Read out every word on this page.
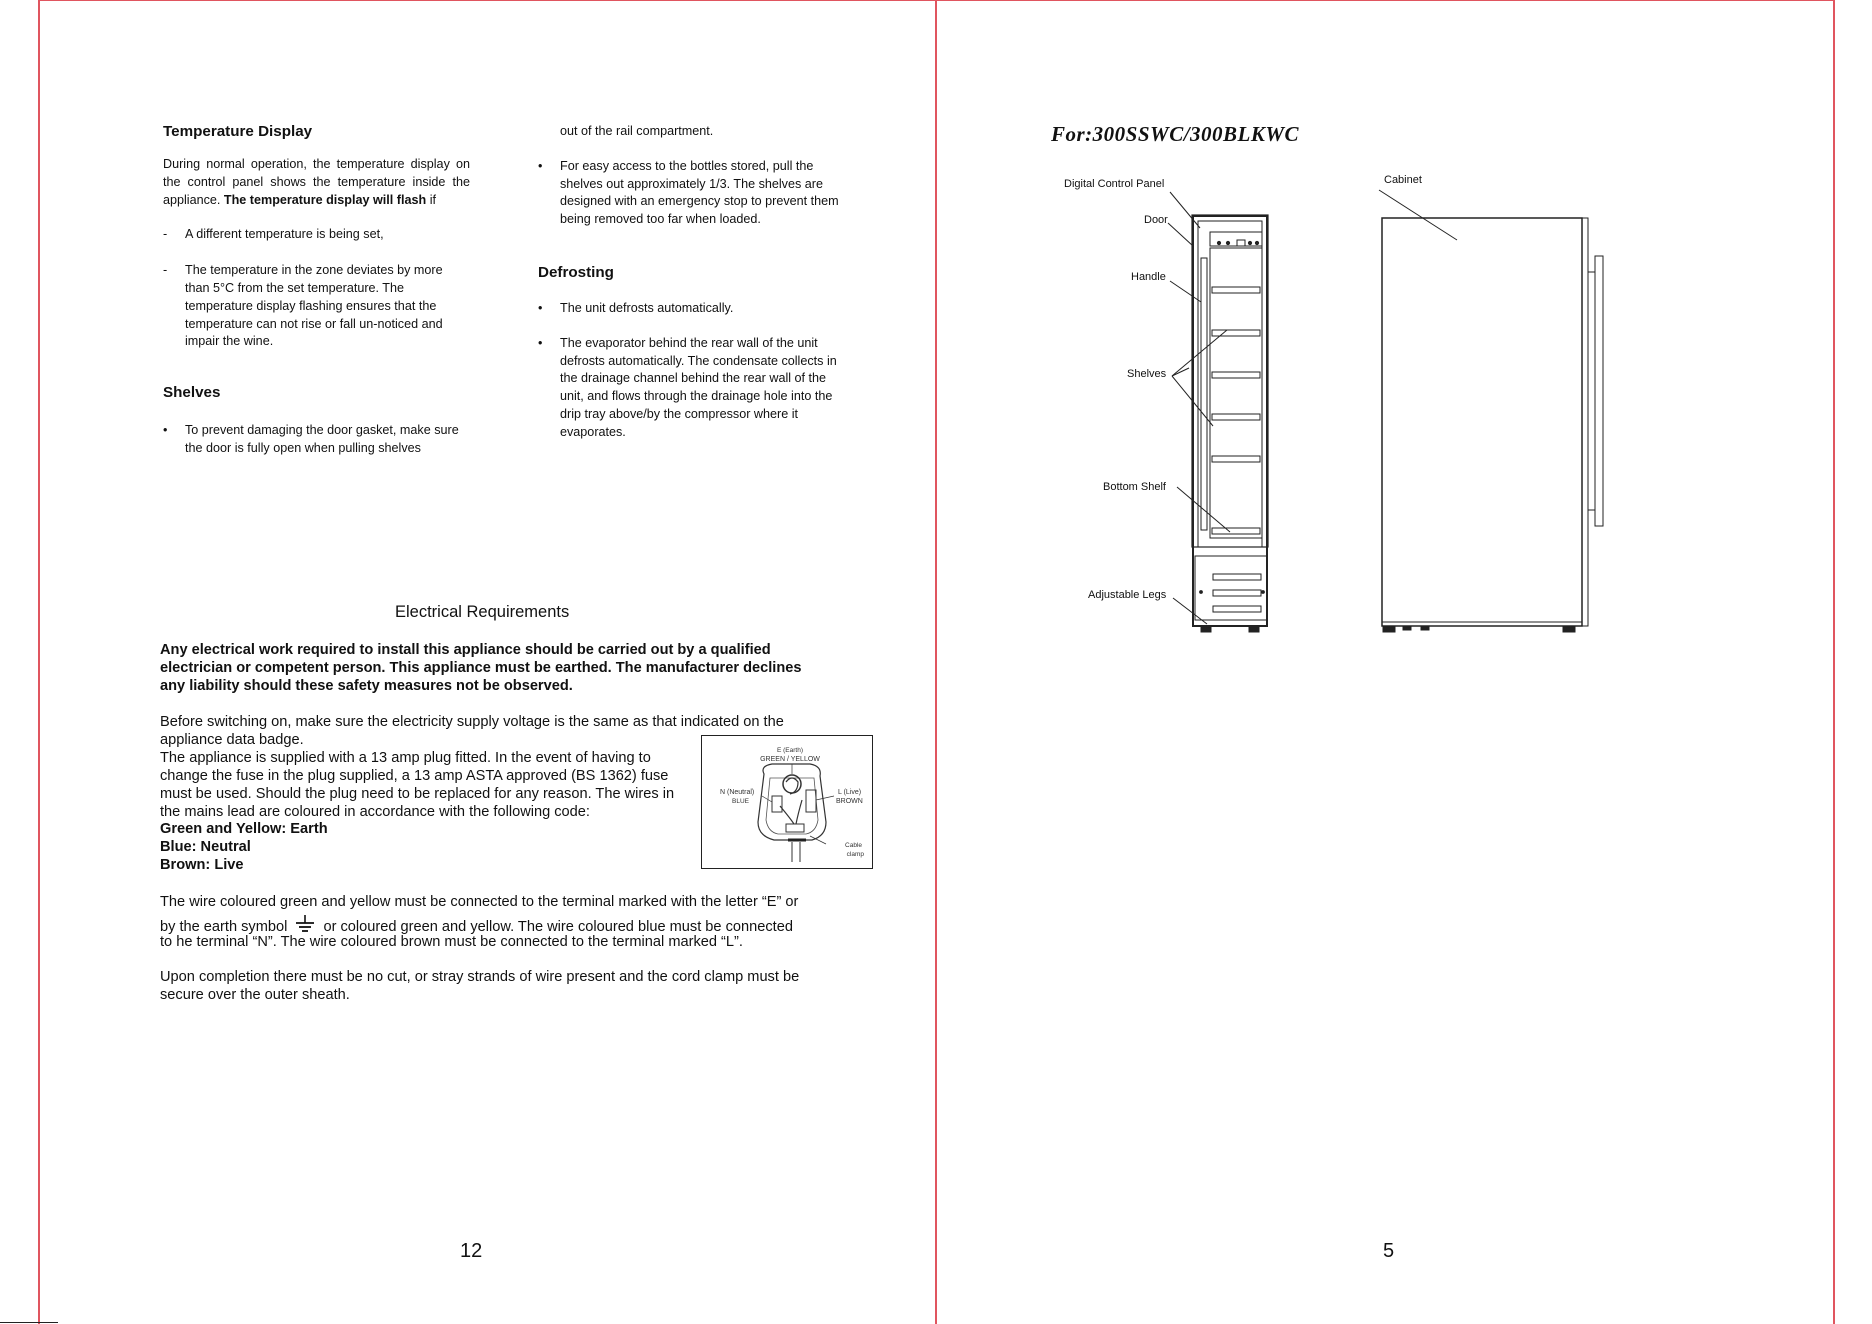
Temperature Display

During normal operation, the temperature display on the control panel shows the temperature inside the appliance. The temperature display will flash if

- A different temperature is being set,
- The temperature in the zone deviates by more than 5°C from the set temperature. The temperature display flashing ensures that the temperature can not rise or fall un-noticed and impair the wine.

Shelves

• To prevent damaging the door gasket, make sure the door is fully open when pulling shelves

out of the rail compartment.

•	For easy access to the bottles stored, pull the shelves out approximately 1/3. The shelves are designed with an emergency stop to prevent them being removed too far when loaded.

Defrosting

• The unit defrosts automatically.
• The evaporator behind the rear wall of the unit defrosts automatically. The condensate collects in the drainage channel behind the rear wall of the unit, and flows through the drainage hole into the drip tray above/by the compressor where it evaporates.

Electrical Requirements

Any electrical work required to install this appliance should be carried out by a qualified electrician or competent person. This appliance must be earthed. The manufacturer declines any liability should these safety measures not be observed.

Before switching on, make sure the electricity supply voltage is the same as that indicated on the

appliance data badge.
The appliance is supplied with a 13 amp plug fitted. In the event of having to change the fuse in the plug supplied, a 13 amp ASTA approved (BS 1362) fuse must be used. Should the plug need to be replaced for any reason. The wires in the mains lead are coloured in accordance with the following code:

Green and Yellow: Earth

Blue: Neutral

Brown: Live

E (Earth)
GREEN / YELLOW
N (Neutral)
BLUE
L (Live)
BROWN
Cable
clamp

The wire coloured green and yellow must be connected to the terminal marked with the letter “E” or

by the earth symbol or coloured green and yellow. The wire coloured blue must be connected

to he terminal “N”. The wire coloured brown must be connected to the terminal marked “L”.

Upon completion there must be no cut, or stray strands of wire present and the cord clamp must be secure over the outer sheath.

12
For:300SSWC/300BLKWC
Digital Control Panel
Door
Handle
Shelves
Bottom Shelf
Adjustable Legs
Cabinet
5
